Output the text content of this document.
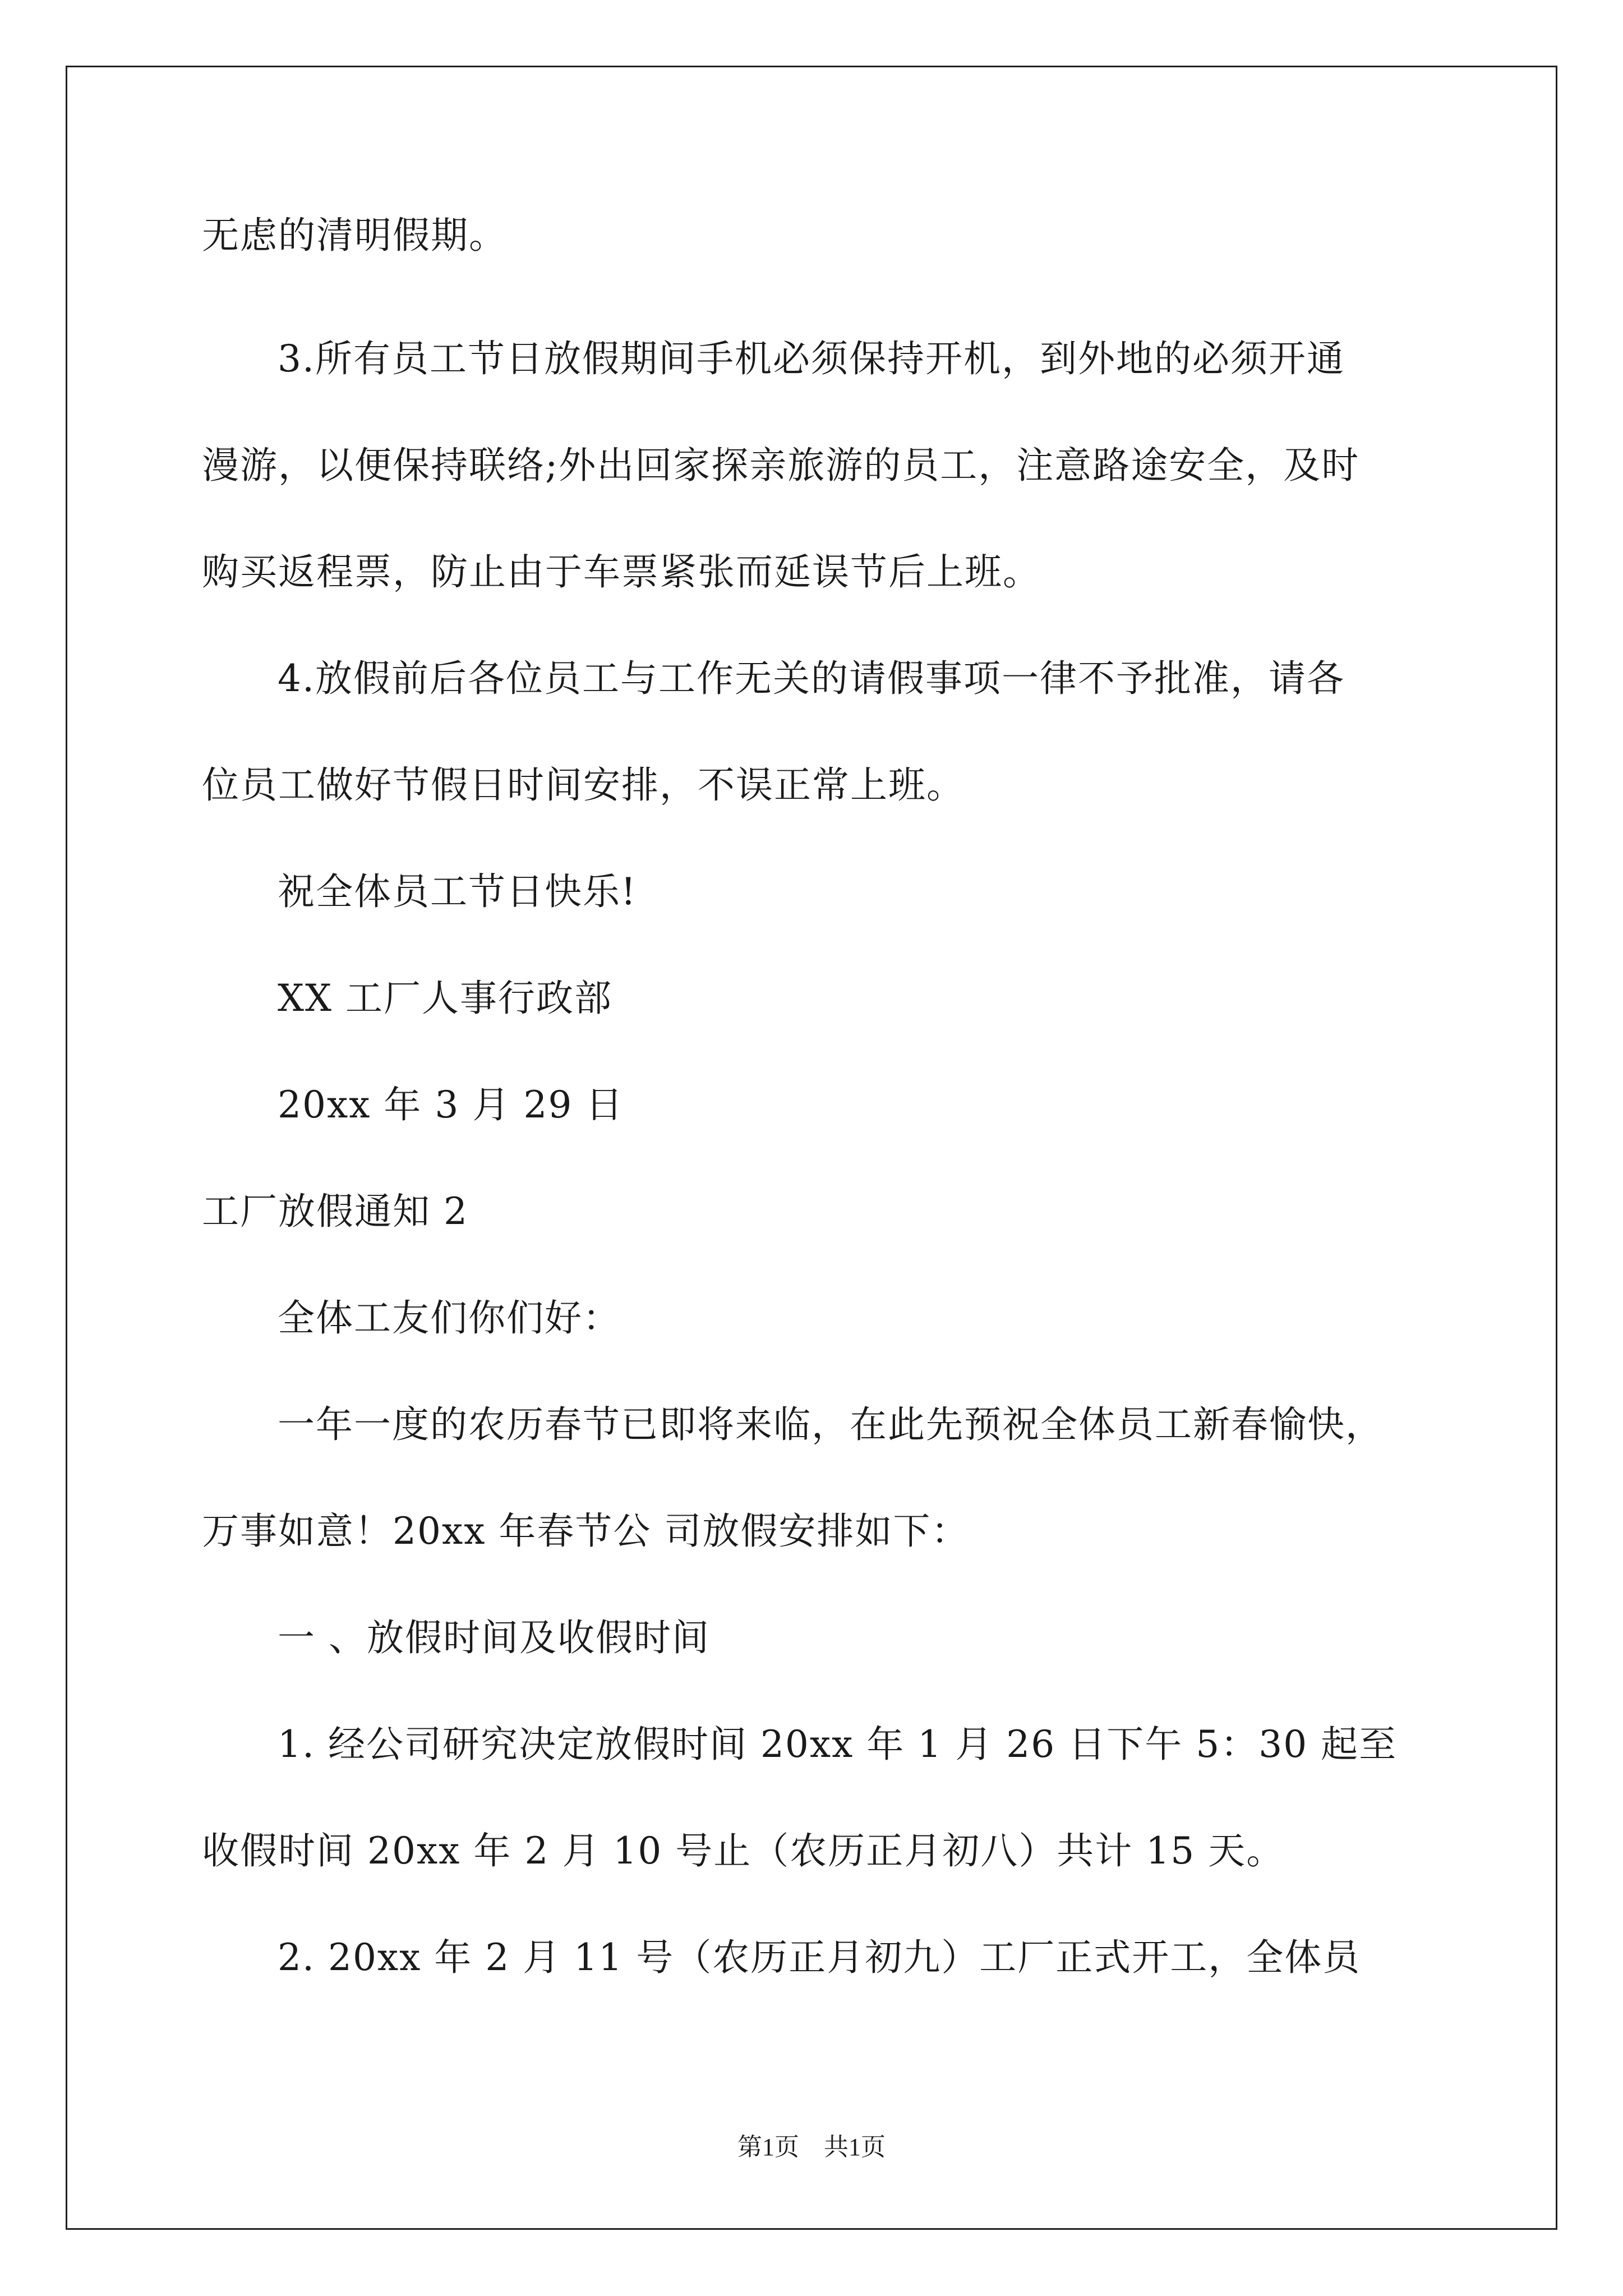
无虑的清明假期。
3.所有员工节日放假期间手机必须保持开机，到外地的必须开通
漫游，以便保持联络;外出回家探亲旅游的员工，注意路途安全，及时
购买返程票，防止由于车票紧张而延误节后上班。
4.放假前后各位员工与工作无关的请假事项一律不予批准，请各
位员工做好节假日时间安排，不误正常上班。
祝全体员工节日快乐!
XX 工厂人事行政部
20xx 年 3 月 29 日
工厂放假通知 2
全体工友们你们好：
一年一度的农历春节已即将来临，在此先预祝全体员工新春愉快，
万事如意！20xx 年春节公 司放假安排如下：
一 、放假时间及收假时间
1. 经公司研究决定放假时间 20xx 年 1 月 26 日下午 5：30 起至
收假时间 20xx 年 2 月 10 号止（农历正月初八）共计 15 天。
2. 20xx 年 2 月 11 号（农历正月初九）工厂正式开工，全体员
第1页　共1页
